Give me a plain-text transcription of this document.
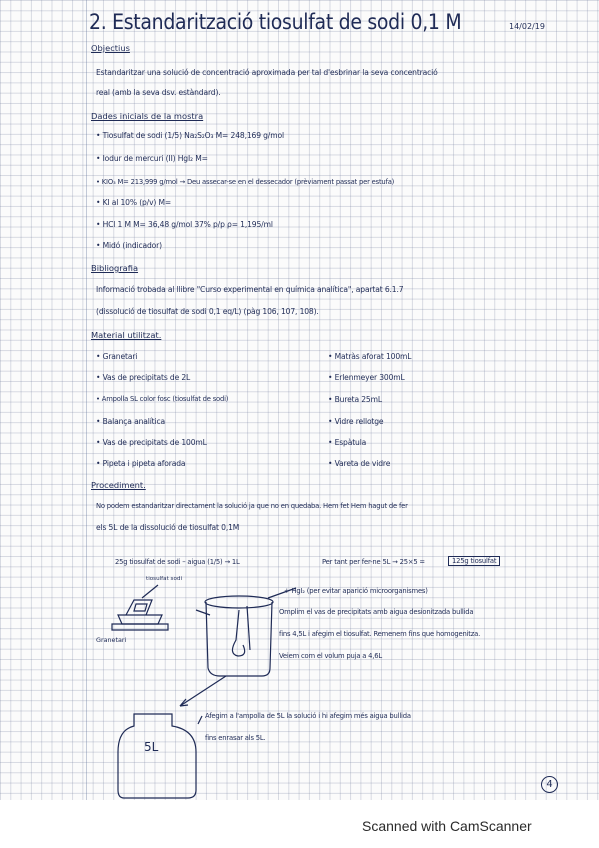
2. Estandarització tiosulfat de sodi 0,1 M	14/02/19
Objectius
Estandaritzar una solució de concentració aproximada per tal d'esbrinar la seva concentració
real (amb la seva dsv. estàndard).
Dades inicials de la mostra
• Tiosulfat de sodi (1/5) Na₂S₂O₃ M= 248,169 g/mol
• Iodur de mercuri (II) HgI₂ M=
• KIO₃ M= 213,999 g/mol → Deu assecar-se en el dessecador (prèviament passat per estufa)
• KI al 10% (p/v) M=
• HCl 1 M M= 36,48 g/mol 37% p/p ρ= 1,195/ml
• Midó (indicador)
Bibliografia
Informació trobada al llibre "Curso experimental en química analítica", apartat 6.1.7
(dissolució de tiosulfat de sodi 0,1 eq/L) (pàg 106, 107, 108).
Material utilitzat.
• Granetari
• Vas de precipitats de 2L
• Ampolla SL color fosc (tiosulfat de sodi)
• Balança analítica
• Vas de precipitats de 100mL
• Pipeta i pipeta aforada
• Matràs aforat 100mL
• Erlenmeyer 300mL
• Bureta 25mL
• Vidre rellotge
• Espàtula
• Vareta de vidre
Procediment.
No podem estandaritzar directament la solució ja que no en quedaba. Hem fet Hem hagut de fer
els 5L de la dissolució de tiosulfat 0,1M
25g tiosulfat de sodi – aigua (1/5) → 1L	Per tant per fer-ne 5L → 25×5 =	125g tiosulfat
tiosulfat sodi
Granetari
+ HgI₂ (per evitar aparició microorganismes)
Omplim el vas de precipitats amb aigua desionitzada bullida
fins 4,5L i afegim el tiosulfat. Remenem fins que homogenitza.
Veiem com el volum puja a 4,6L
5L
Afegim a l'ampolla de 5L la solució i hi afegim més aigua bullida
fins enrasar als 5L.
4
Scanned with CamScanner
